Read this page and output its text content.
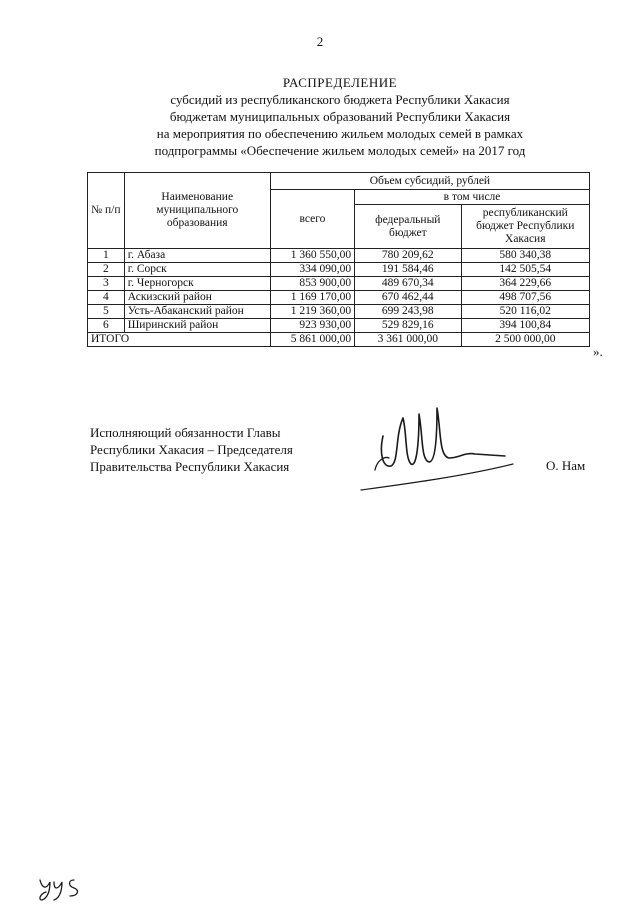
2
РАСПРЕДЕЛЕНИЕ
субсидий из республиканского бюджета Республики Хакасия
бюджетам муниципальных образований Республики Хакасия
на мероприятия по обеспечению жильем молодых семей в рамках
подпрограммы «Обеспечение жильем молодых семей» на 2017 год
№ п/п	Наименование муниципального образования	Объем субсидий, рублей		
		всего	в том числе	
			федеральный бюджет	республиканский бюджет Республики Хакасия
1	г. Абаза	1 360 550,00	780 209,62	580 340,38
2	г. Сорск	334 090,00	191 584,46	142 505,54
3	г. Черногорск	853 900,00	489 670,34	364 229,66
4	Аскизский район	1 169 170,00	670 462,44	498 707,56
5	Усть-Абаканский район	1 219 360,00	699 243,98	520 116,02
6	Ширинский район	923 930,00	529 829,16	394 100,84
ИТОГО		5 861 000,00	3 361 000,00	2 500 000,00
».
Исполняющий обязанности Главы
Республики Хакасия – Председателя
Правительства Республики Хакасия	О. Нам
